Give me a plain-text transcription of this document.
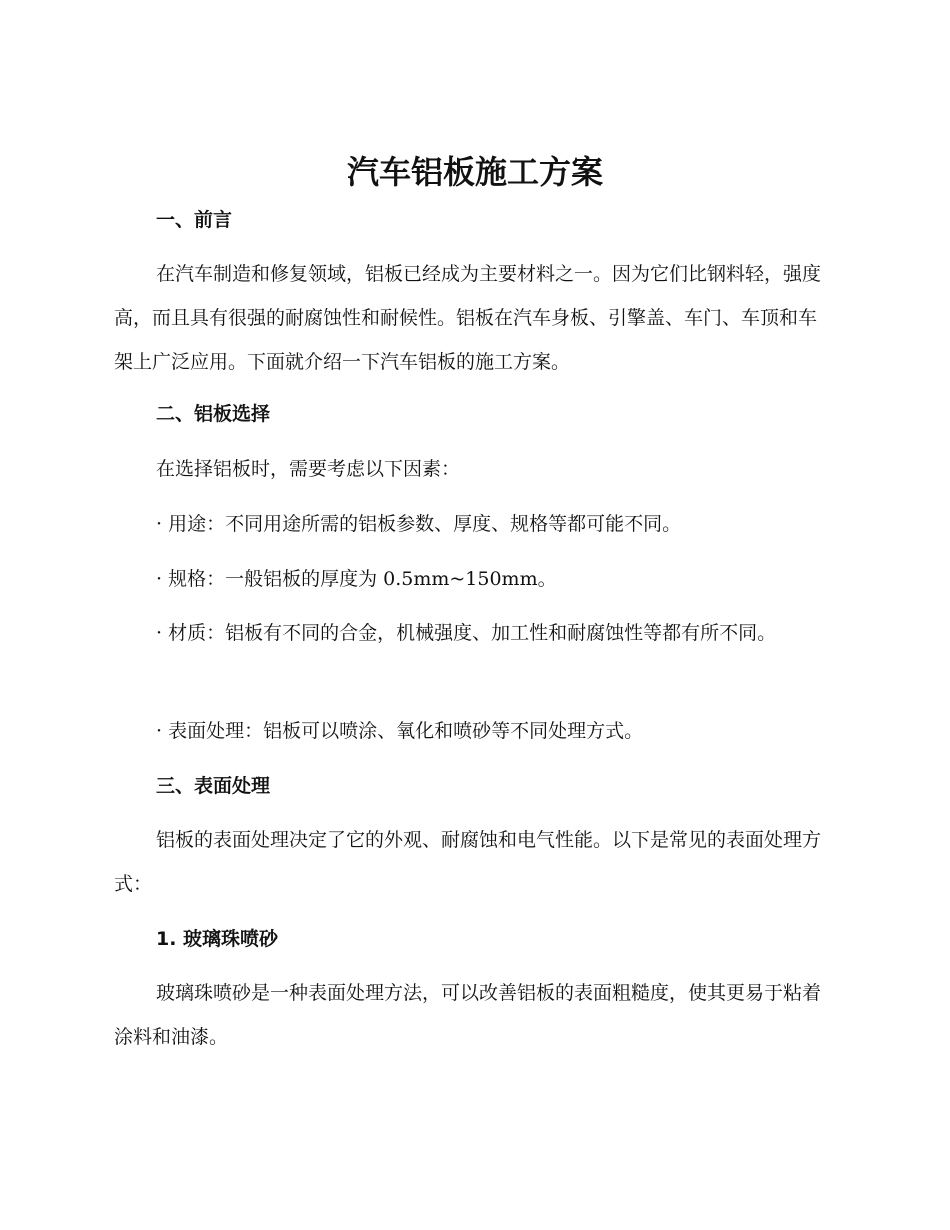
汽车铝板施工方案
一、前言

在汽车制造和修复领域，铝板已经成为主要材料之一。因为它们比钢料轻，强度高，而且具有很强的耐腐蚀性和耐候性。铝板在汽车身板、引擎盖、车门、车顶和车架上广泛应用。下面就介绍一下汽车铝板的施工方案。

二、铝板选择

在选择铝板时，需要考虑以下因素：

· 用途：不同用途所需的铝板参数、厚度、规格等都可能不同。

· 规格：一般铝板的厚度为 0.5mm~150mm。

· 材质：铝板有不同的合金，机械强度、加工性和耐腐蚀性等都有所不同。

· 表面处理：铝板可以喷涂、氧化和喷砂等不同处理方式。

三、表面处理

铝板的表面处理决定了它的外观、耐腐蚀和电气性能。以下是常见的表面处理方式：

1. 玻璃珠喷砂

玻璃珠喷砂是一种表面处理方法，可以改善铝板的表面粗糙度，使其更易于粘着涂料和油漆。
